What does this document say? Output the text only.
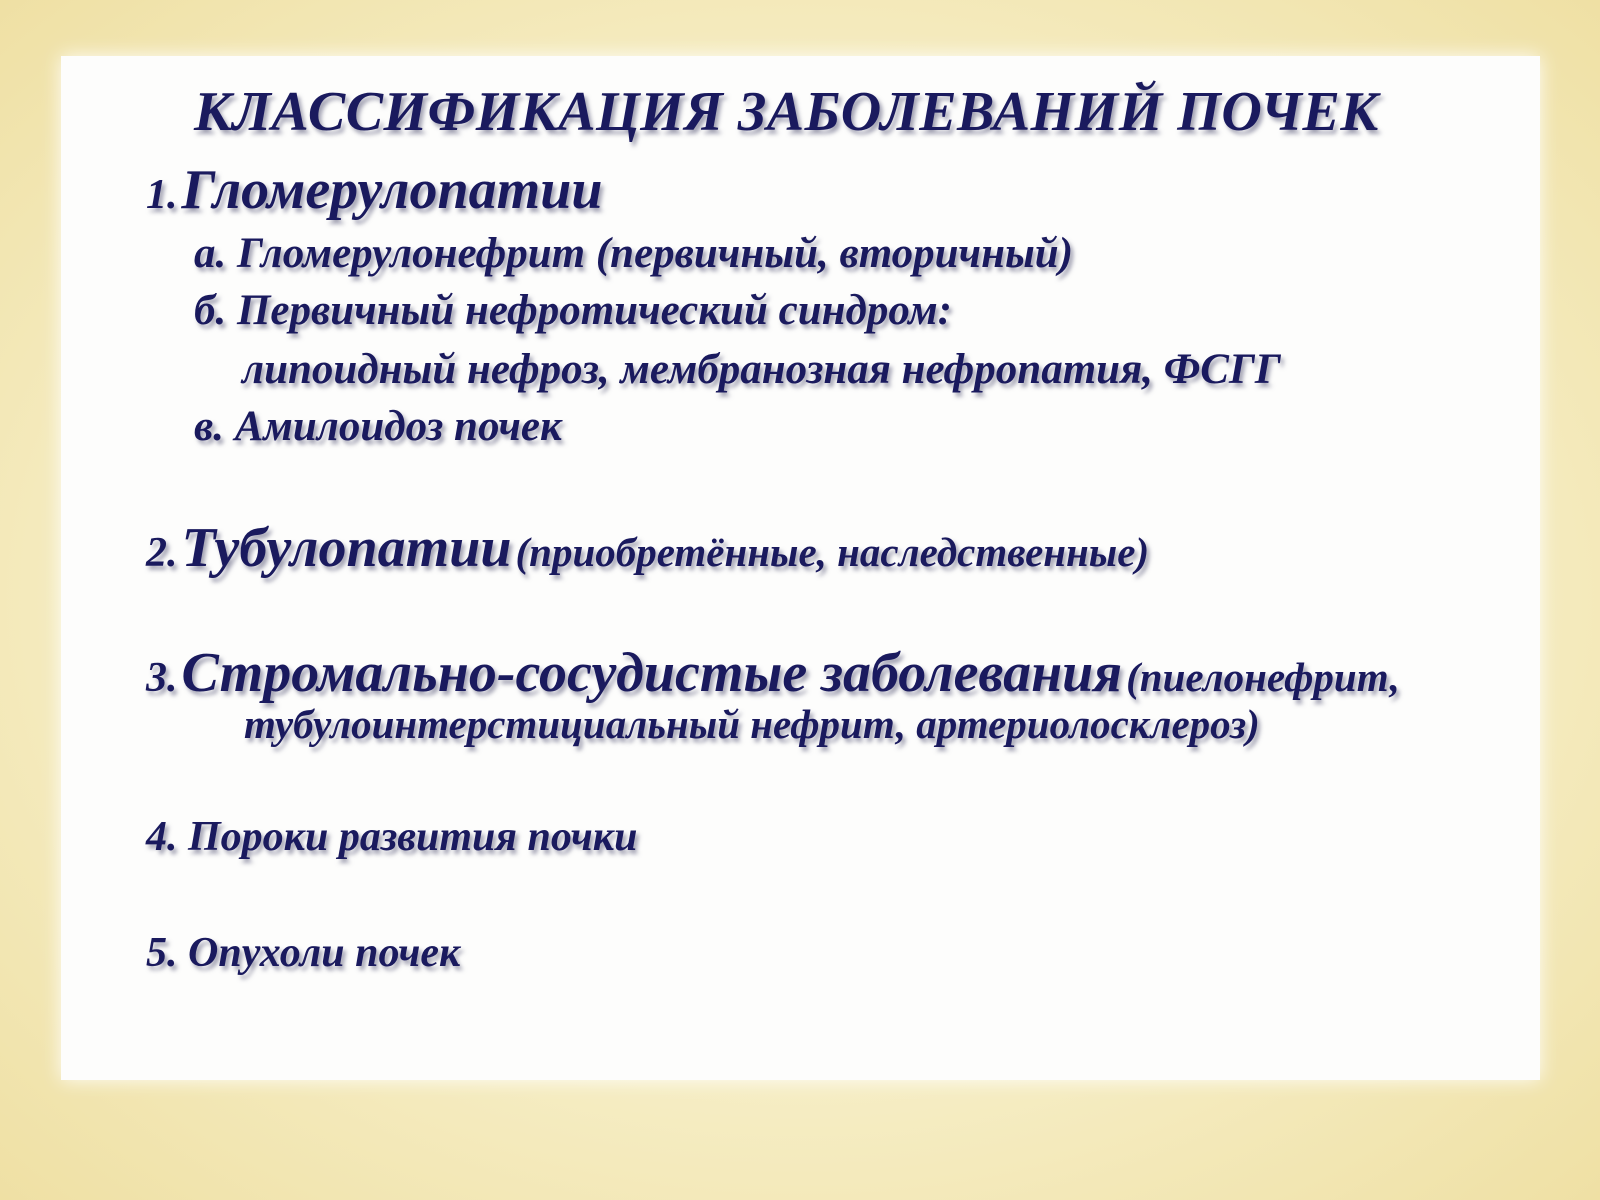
КЛАССИФИКАЦИЯ ЗАБОЛЕВАНИЙ ПОЧЕК
1. Гломерулопатии
а. Гломерулонефрит (первичный, вторичный)
б. Первичный нефротический синдром:
липоидный нефроз, мембранозная нефропатия, ФСГГ
в. Амилоидоз почек
2. Тубулопатии (приобретённые, наследственные)
3. Стромально-сосудистые заболевания (пиелонефрит,
тубулоинтерстициальный нефрит, артериолосклероз)
4. Пороки развития почки
5. Опухоли почек
